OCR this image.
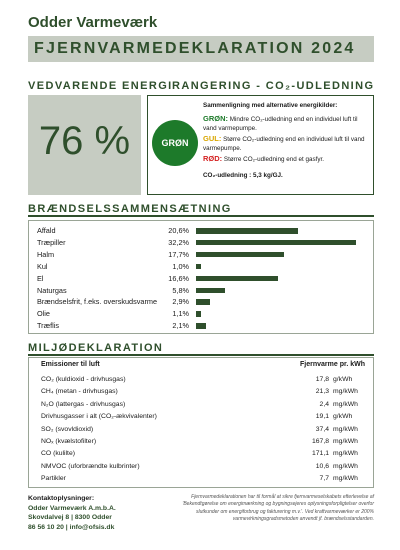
Odder Varmeværk
FJERNVARMEDEKLARATION 2024
VEDVARENDE ENERGI RANGERING - CO₂-UDLEDNING
76 %	GRØN
Sammenligning med alternative energikilder:
GRØN: Mindre CO₂-udledning end en individuel luft til vand varmepumpe.
GUL: Større CO₂-udledning end en individuel luft til vand varmepumpe.
RØD: Større CO₂-udledning end et gasfyr.
CO₂-udledning : 5,3 kg/GJ.
BRÆNDSELSSAMMENSÆTNING
Affald	20,6%
Træpiller	32,2%
Halm	17,7%
Kul	1,0%
El	16,6%
Naturgas	5,8%
Brændselsfrit, f.eks. overskudsvarme 2,9%
Olie	1,1%
Træflis	2,1%
MILJØDEKLARATION
Emissioner til luft	Fjernvarme pr. kWh
CO₂ (kuldioxid - drivhusgas)	17,8 g/kWh
CH₄ (metan - drivhusgas)	21,3 mg/kWh
N₂O (lattergas - drivhusgas)	2,4 mg/kWh
Drivhusgasser i alt (CO₂-ækvivalenter)	19,1 g/kWh
SO₂ (svovldioxid)	37,4 mg/kWh
NOₓ (kvælstofilter)	167,8 mg/kWh
CO (kulilte)	171,1 mg/kWh
NMVOC (uforbrændte kulbrinter)	10,6 mg/kWh
Partikler	7,7 mg/kWh
Kontaktoplysninger:
Odder Varmeværk A.m.b.A.
Skovdalvej 8 | 8300 Odder
86 56 10 20 | info@ofsis.dk
Fjernvarmedeklarationen har til formål at sikre fjernvarmeselskabets efterlevelse af 'Bekendtgørelse om energimærkning og bygningsejeres oplysningsforpligtelser overfor slutkunder om energiforbrug og fakturering m.v.'. Ved kraftvarmeværker er 200% varmevirkningsgradsmetoden anvendt jf. brændselsstandarden.
